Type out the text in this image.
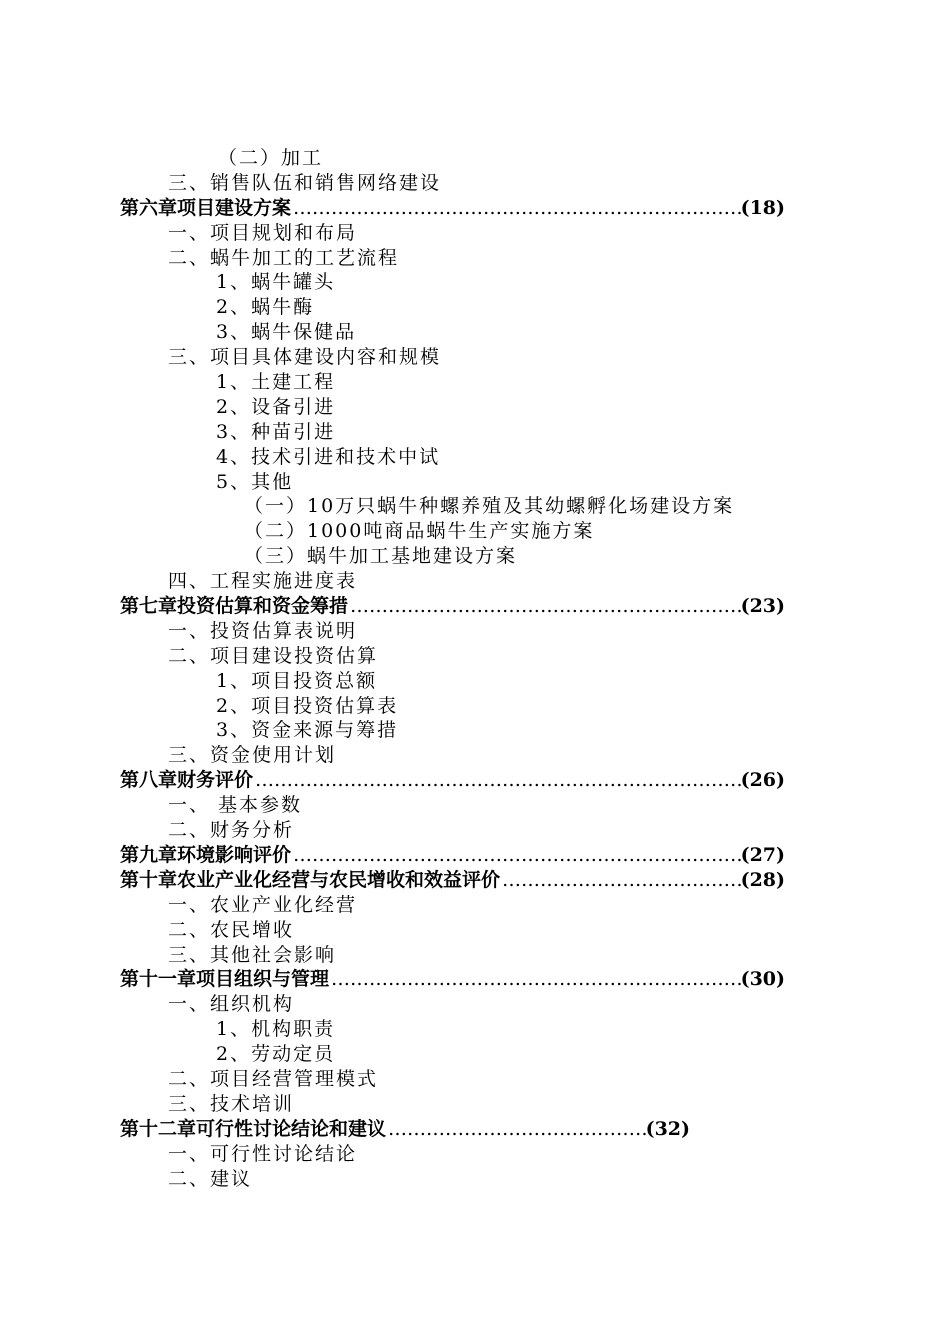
（二）加工
三、销售队伍和销售网络建设
第六章 项目建设方案 …………………………………………………………………………………………………………………………………………………………	(18)
一、项目规划和布局
二、蜗牛加工的工艺流程
1、蜗牛罐头
2、蜗牛酶
3、蜗牛保健品
三、项目具体建设内容和规模
1、土建工程
2、设备引进
3、种苗引进
4、技术引进和技术中试
5、其他
（一）10万只蜗牛种螺养殖及其幼螺孵化场建设方案
（二）1000吨商品蜗牛生产实施方案
（三）蜗牛加工基地建设方案
四、工程实施进度表
第七章 投资估算和资金筹措 …………………………………………………………………………………………………………………………………………………………	(23)
一、投资估算表说明
二、项目建设投资估算
1、项目投资总额
2、项目投资估算表
3、资金来源与筹措
三、资金使用计划
第八章 财务评价 …………………………………………………………………………………………………………………………………………………………	(26)
一、 基本参数
二、财务分析
第九章 环境影响评价 …………………………………………………………………………………………………………………………………………………………	(27)
第十章 农业产业化经营与农民增收和效益评价 …………………………………………………………………………………………………………………………………………………………	(28)
一、农业产业化经营
二、农民增收
三、其他社会影响
第十一章 项目组织与管理 …………………………………………………………………………………………………………………………………………………………	(30)
一、组织机构
1、机构职责
2、劳动定员
二、项目经营管理模式
三、技术培训
第十二章 可行性讨论结论和建议 …………………………………………………………………………………………………………………………………………………………	(32)
一、可行性讨论结论
二、建议
